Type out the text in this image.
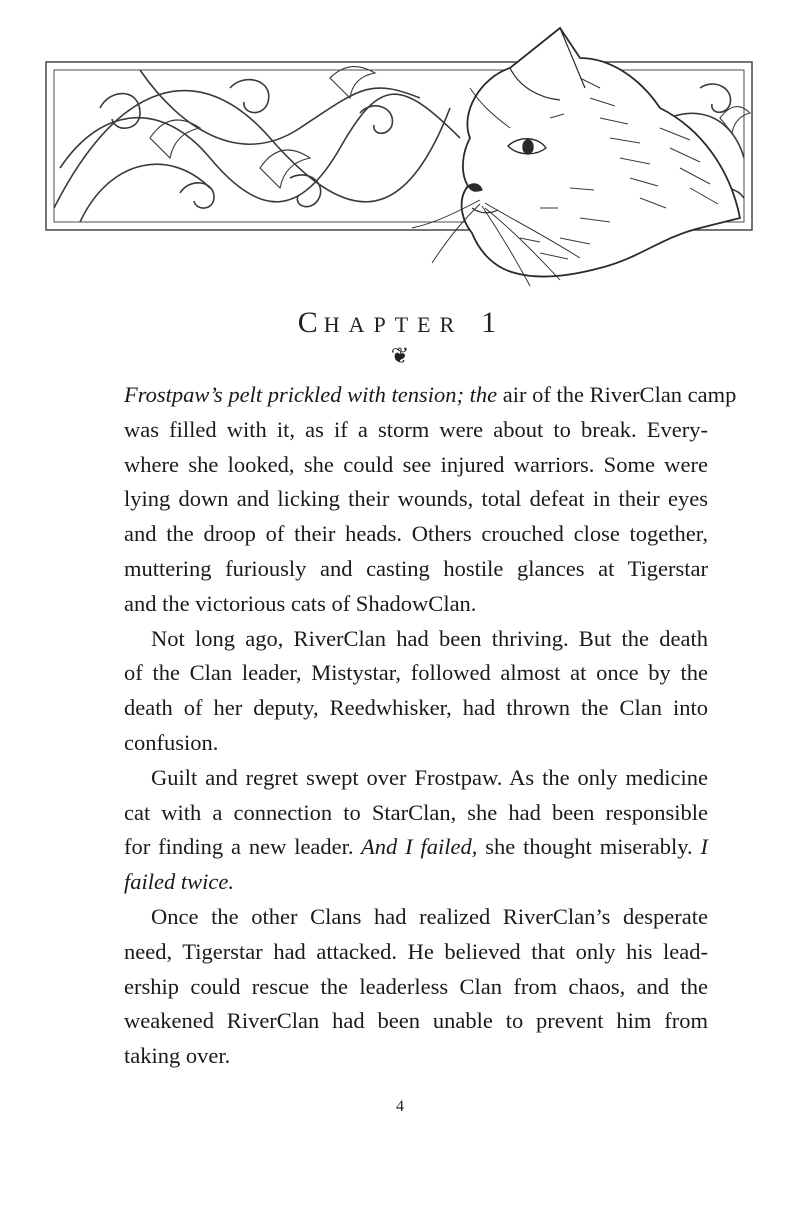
CHAPTER 1
❦

Frostpaw’s pelt prickled with tension; the air of the RiverClan camp
was filled with it, as if a storm were about to break. Every-
where she looked, she could see injured warriors. Some were
lying down and licking their wounds, total defeat in their eyes
and the droop of their heads. Others crouched close together,
muttering furiously and casting hostile glances at Tigerstar
and the victorious cats of ShadowClan.

Not long ago, RiverClan had been thriving. But the death
of the Clan leader, Mistystar, followed almost at once by the
death of her deputy, Reedwhisker, had thrown the Clan into
confusion.

Guilt and regret swept over Frostpaw. As the only medicine
cat with a connection to StarClan, she had been responsible
for finding a new leader. And I failed, she thought miserably. I
failed twice.

Once the other Clans had realized RiverClan’s desperate
need, Tigerstar had attacked. He believed that only his lead-
ership could rescue the leaderless Clan from chaos, and the
weakened RiverClan had been unable to prevent him from
taking over.

4
